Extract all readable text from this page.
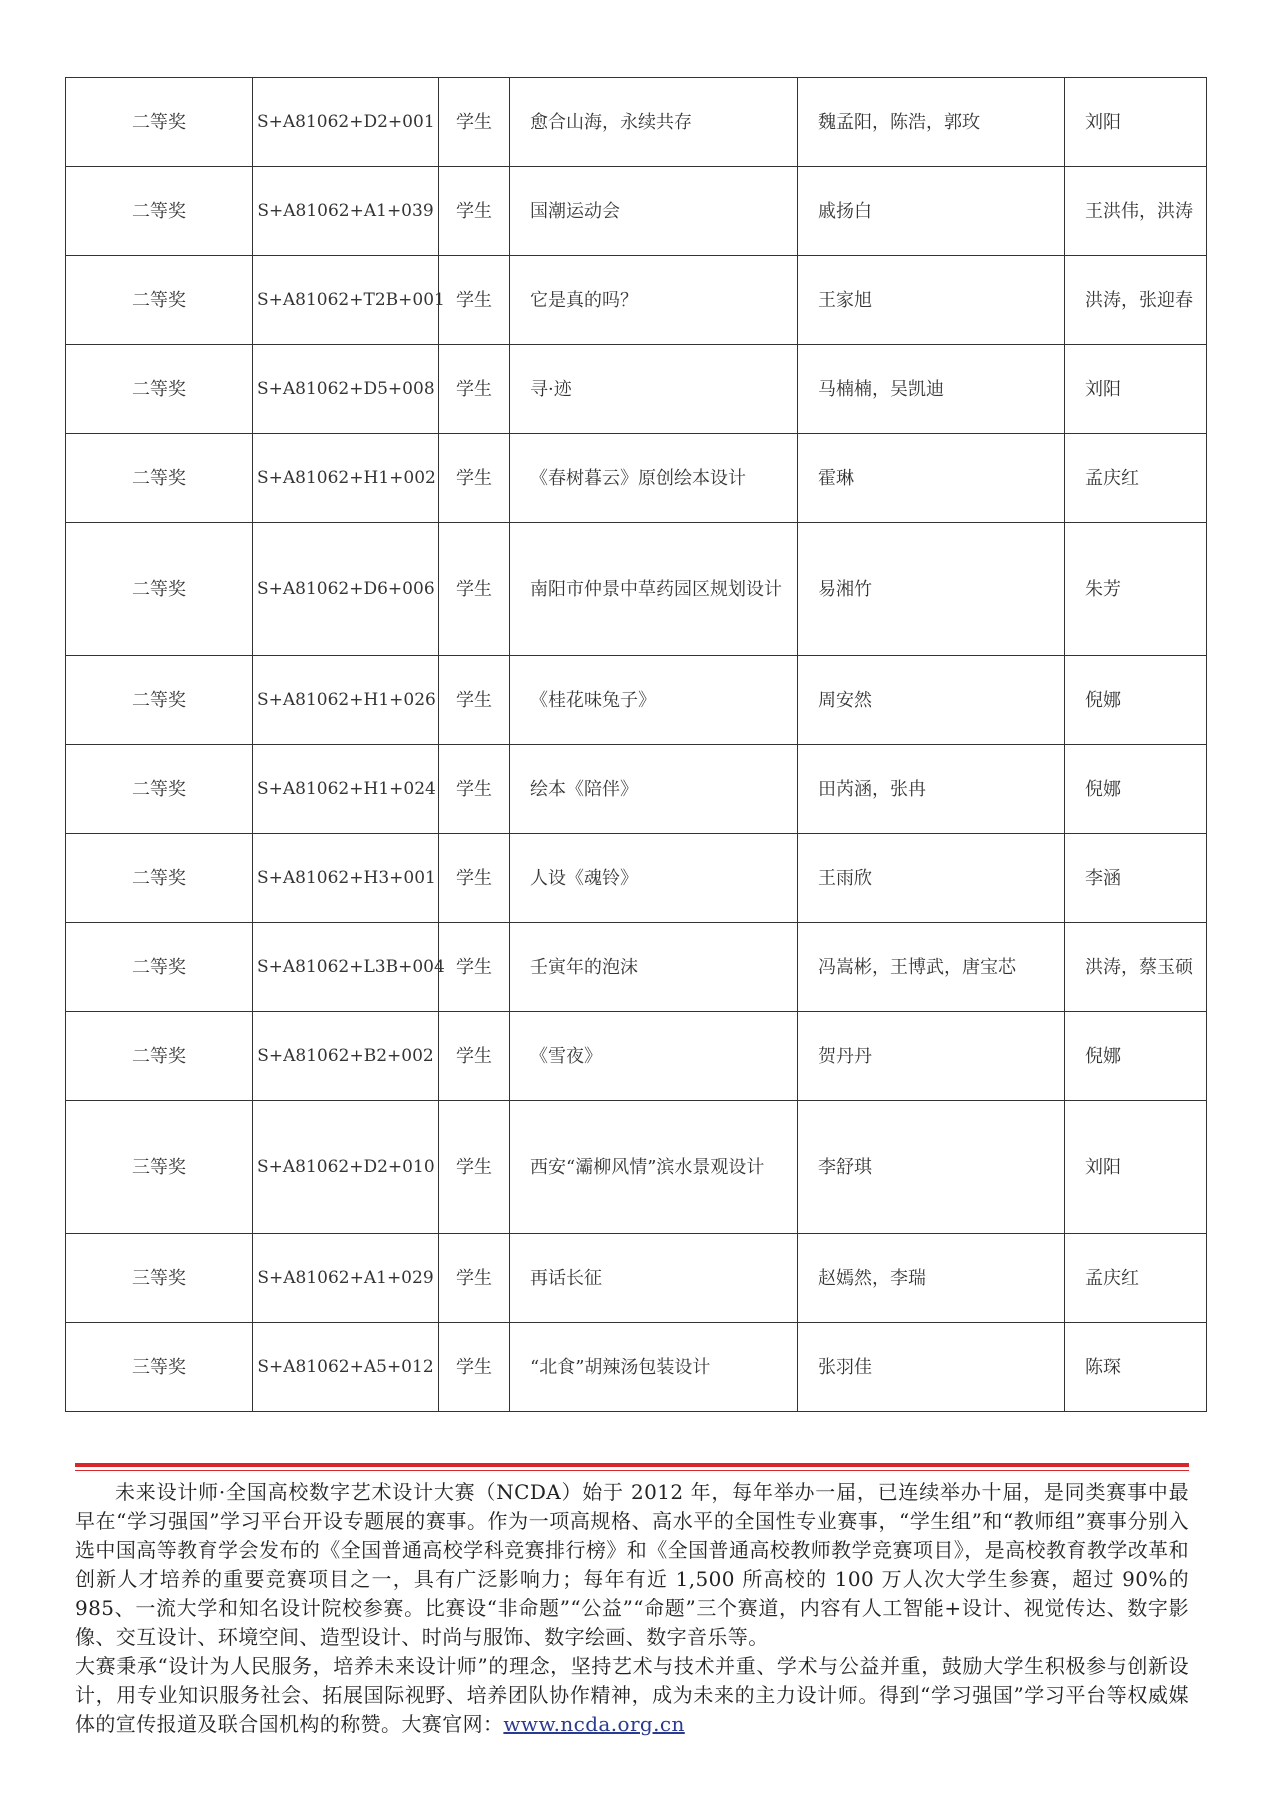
二等奖	S+A81062+D2+001	学生	愈合山海，永续共存	魏孟阳，陈浩，郭玫	刘阳
二等奖	S+A81062+A1+039	学生	国潮运动会	戚扬白	王洪伟，洪涛
二等奖	S+A81062+T2B+001	学生	它是真的吗？	王家旭	洪涛，张迎春
二等奖	S+A81062+D5+008	学生	寻·迹	马楠楠，吴凯迪	刘阳
二等奖	S+A81062+H1+002	学生	《春树暮云》原创绘本设计	霍琳	孟庆红
二等奖	S+A81062+D6+006	学生	南阳市仲景中草药园区规划设计	易湘竹	朱芳
二等奖	S+A81062+H1+026	学生	《桂花味兔子》	周安然	倪娜
二等奖	S+A81062+H1+024	学生	绘本《陪伴》	田芮涵，张冉	倪娜
二等奖	S+A81062+H3+001	学生	人设《魂铃》	王雨欣	李涵
二等奖	S+A81062+L3B+004	学生	壬寅年的泡沫	冯嵩彬，王博武，唐宝芯	洪涛，蔡玉硕
二等奖	S+A81062+B2+002	学生	《雪夜》	贺丹丹	倪娜
三等奖	S+A81062+D2+010	学生	西安“灞柳风情”滨水景观设计	李舒琪	刘阳
三等奖	S+A81062+A1+029	学生	再话长征	赵嫣然，李瑞	孟庆红
三等奖	S+A81062+A5+012	学生	“北食”胡辣汤包装设计	张羽佳	陈琛

未来设计师·全国高校数字艺术设计大赛（NCDA）始于 2012 年，每年举办一届，已连续举办十届，是同类赛事中最早在“学习强国”学习平台开设专题展的赛事。作为一项高规格、高水平的全国性专业赛事，“学生组”和“教师组”赛事分别入选中国高等教育学会发布的《全国普通高校学科竞赛排行榜》和《全国普通高校教师教学竞赛项目》，是高校教育教学改革和创新人才培养的重要竞赛项目之一，具有广泛影响力；每年有近 1,500 所高校的 100 万人次大学生参赛，超过 90%的 985、一流大学和知名设计院校参赛。比赛设“非命题”“公益”“命题”三个赛道，内容有人工智能+设计、视觉传达、数字影像、交互设计、环境空间、造型设计、时尚与服饰、数字绘画、数字音乐等。

大赛秉承“设计为人民服务，培养未来设计师”的理念，坚持艺术与技术并重、学术与公益并重，鼓励大学生积极参与创新设计，用专业知识服务社会、拓展国际视野、培养团队协作精神，成为未来的主力设计师。得到“学习强国”学习平台等权威媒体的宣传报道及联合国机构的称赞。大赛官网：www.ncda.org.cn
